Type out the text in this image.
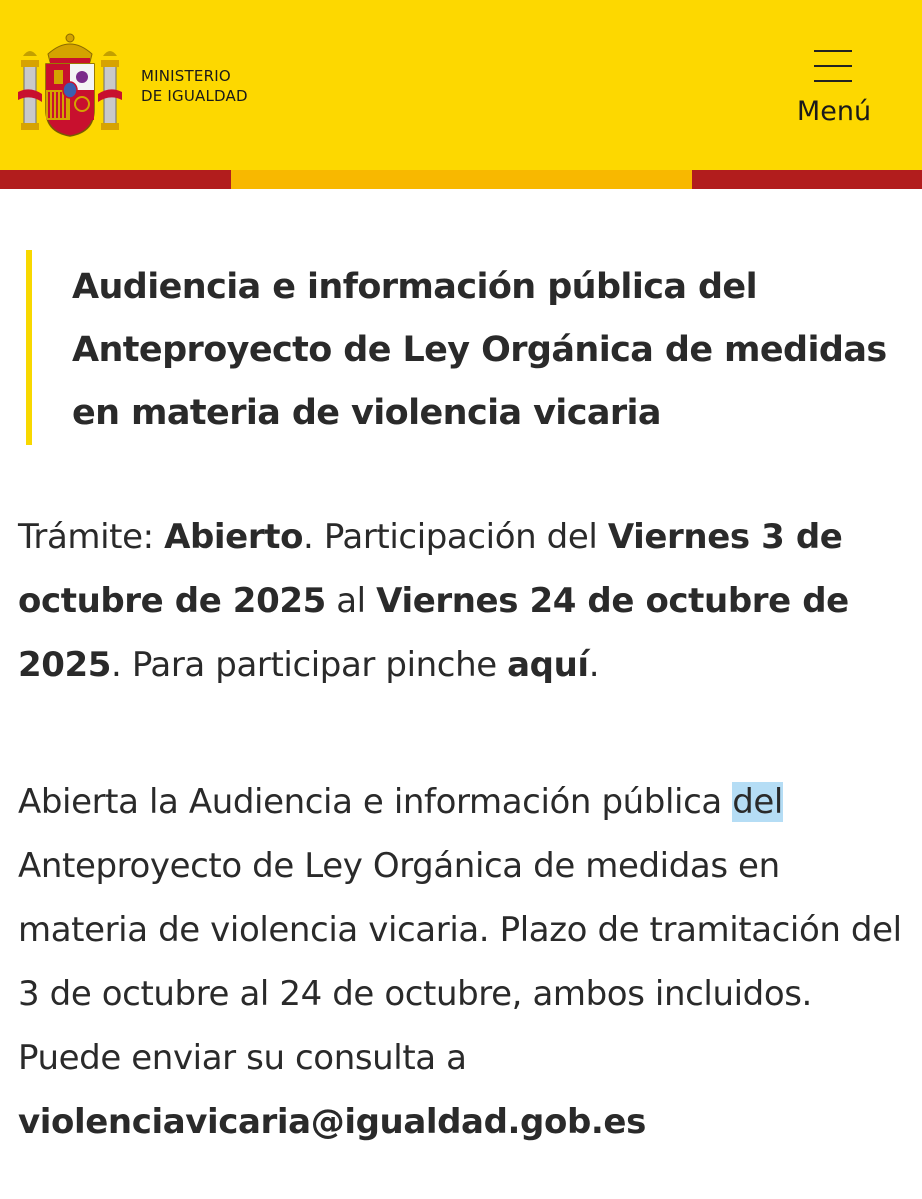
MINISTERIO
DE IGUALDAD	Menú
Audiencia e información pública del Anteproyecto de Ley Orgánica de medidas en materia de violencia vicaria

Trámite: Abierto. Participación del Viernes 3 de octubre de 2025 al Viernes 24 de octubre de 2025. Para participar pinche aquí.

Abierta la Audiencia e información pública del Anteproyecto de Ley Orgánica de medidas en materia de violencia vicaria. Plazo de tramitación del 3 de octubre al 24 de octubre, ambos incluidos. Puede enviar su consulta a violenciavicaria@igualdad.gob.es
